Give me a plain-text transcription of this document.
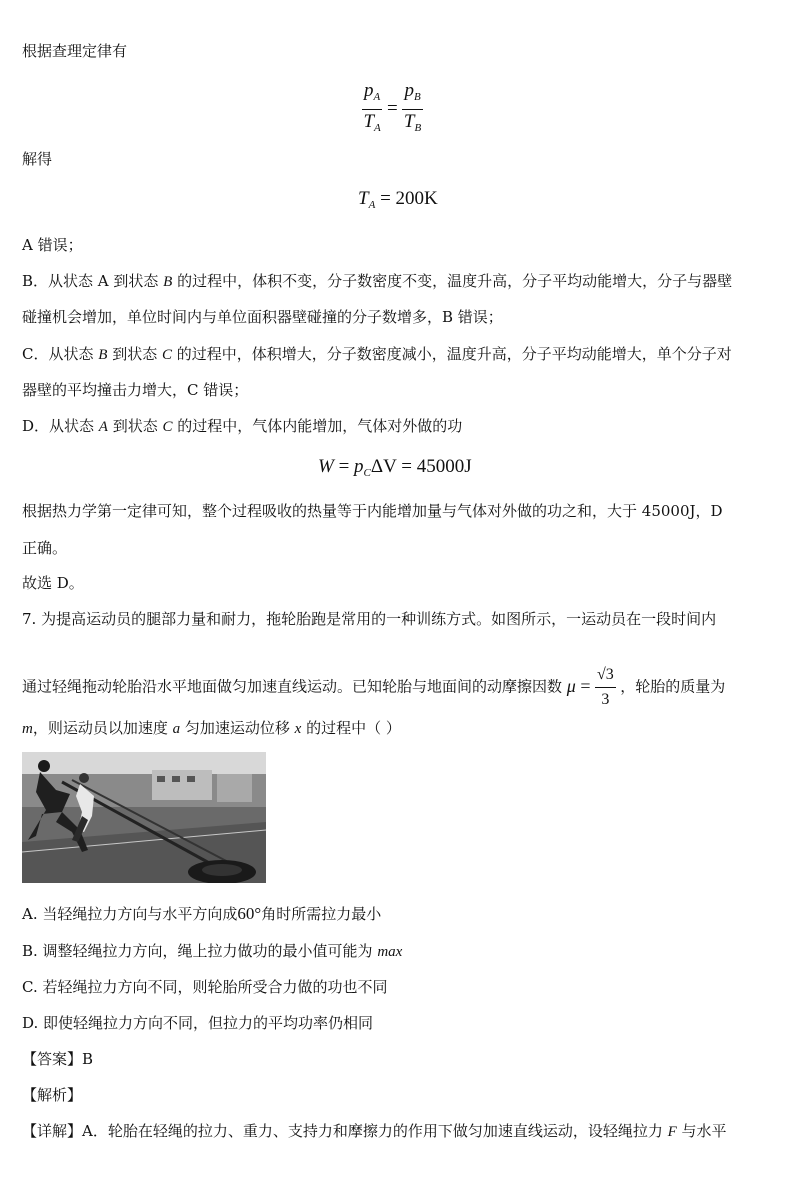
根据查理定律有
$\frac{p_A}{T_A} = \frac{p_B}{T_B}$
解得
$T_A = 200K$
A 错误；
B．从状态 A 到状态 B 的过程中，体积不变，分子数密度不变，温度升高，分子平均动能增大，分子与器壁
碰撞机会增加，单位时间内与单位面积器壁碰撞的分子数增多，B 错误；
C．从状态 B 到状态 C 的过程中，体积增大，分子数密度减小，温度升高，分子平均动能增大，单个分子对
器壁的平均撞击力增大，C 错误；
D．从状态 A 到状态 C 的过程中，气体内能增加，气体对外做的功
$W = p_C\Delta V = 45000J$
根据热力学第一定律可知，整个过程吸收的热量等于内能增加量与气体对外做的功之和，大于 45000J，D
正确。
故选 D。
7. 为提高运动员的腿部力量和耐力，拖轮胎跑是常用的一种训练方式。如图所示，一运动员在一段时间内
通过轻绳拖动轮胎沿水平地面做匀加速直线运动。已知轮胎与地面间的动摩擦因数 $\mu = \frac{√3}{3}$ ，轮胎的质量为
m，则运动员以加速度 a 匀加速运动位移 x 的过程中（ ）
A. 当轻绳拉力方向与水平方向成60°角时所需拉力最小
B. 调整轻绳拉力方向，绳上拉力做功的最小值可能为 max
C. 若轻绳拉力方向不同，则轮胎所受合力做的功也不同
D. 即使轻绳拉力方向不同，但拉力的平均功率仍相同
【答案】B
【解析】
【详解】A．轮胎在轻绳的拉力、重力、支持力和摩擦力的作用下做匀加速直线运动，设轻绳拉力 F 与水平
